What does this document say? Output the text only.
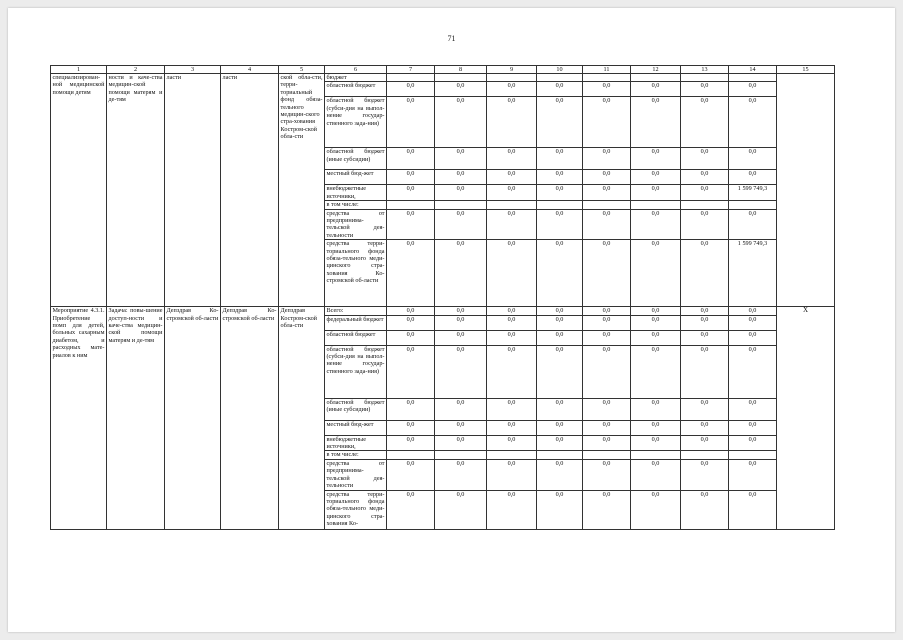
71
1	2	3	4	5	6	7	8	9	10	11	12	13	14	15
специализирован-ной медицинской помощи детям	ности и каче-ства медицин-ской помощи матерям и де-тям	ласти	ласти	ской обла-сти, терри-ториальный фонд обяза-тельного медицин-ского стра-хования Костром-ской обла-сти	бюджет									
					областной бюджет	0,0	0,0	0,0	0,0	0,0	0,0	0,0	0,0	
					областной бюджет (субси-дия на выпол-нение государ-ственного зада-ния)	0,0	0,0	0,0	0,0	0,0	0,0	0,0	0,0	
					областной бюджет (иные субсидии)	0,0	0,0	0,0	0,0	0,0	0,0	0,0	0,0	
					местный бюд-жет	0,0	0,0	0,0	0,0	0,0	0,0	0,0	0,0	
					внебюджетные источники,	0,0	0,0	0,0	0,0	0,0	0,0	0,0	1 599 749,3	
					в том числе:									
					средства от предпринима-тельской дея-тельности	0,0	0,0	0,0	0,0	0,0	0,0	0,0	0,0	
					средства терри-ториального фонда обяза-тельного меди-цинского стра-хования Ко-стромской об-ласти	0,0	0,0	0,0	0,0	0,0	0,0	0,0	1 599 749,3	
Мероприятие 4.3.1. Приобретение помп для детей, больных сахарным диабетом, и расходных мате-риалов к ним	Задача: повы-шение доступ-ности и каче-ства медицин-ской помощи матерям и де-тям	Депздрав Ко-стромской об-ласти	Депздрав Ко-стромской об-ласти	Депздрав Костром-ской обла-сти	Всего:	0,0	0,0	0,0	0,0	0,0	0,0	0,0	0,0	Х
					федеральный бюджет	0,0	0,0	0,0	0,0	0,0	0,0	0,0	0,0	
					областной бюджет	0,0	0,0	0,0	0,0	0,0	0,0	0,0	0,0	
					областной бюджет (субси-дия на выпол-нение государ-ственного зада-ния)	0,0	0,0	0,0	0,0	0,0	0,0	0,0	0,0	
					областной бюджет (иные субсидии)	0,0	0,0	0,0	0,0	0,0	0,0	0,0	0,0	
					местный бюд-жет	0,0	0,0	0,0	0,0	0,0	0,0	0,0	0,0	
					внебюджетные источники,	0,0	0,0	0,0	0,0	0,0	0,0	0,0	0,0	
					в том числе:									
					средства от предпринима-тельской дея-тельности	0,0	0,0	0,0	0,0	0,0	0,0	0,0	0,0	
					средства терри-ториального фонда обяза-тельного меди-цинского стра-хования Ко-	0,0	0,0	0,0	0,0	0,0	0,0	0,0	0,0	
